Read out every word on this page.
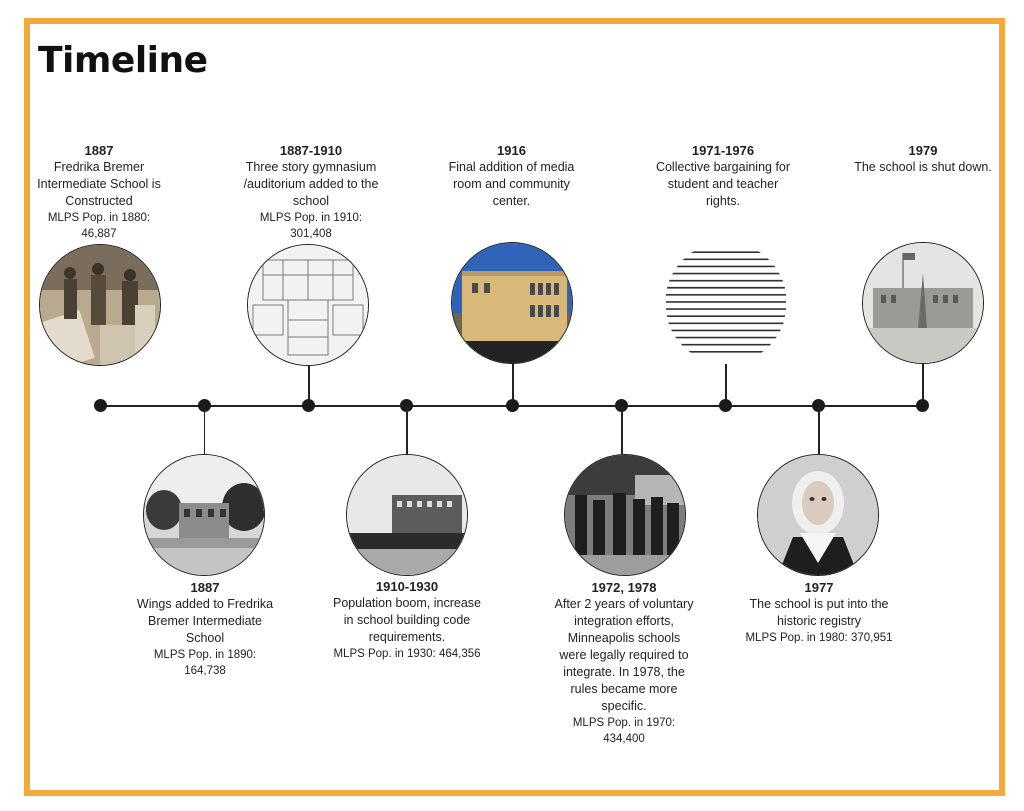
Timeline
1887
Fredrika Bremer Intermediate School is Constructed
MLPS Pop. in 1880: 46,887
1887
Wings added to Fredrika Bremer Intermediate School
MLPS Pop. in 1890: 164,738
1887-1910
Three story gymnasium /auditorium added to the school
MLPS Pop. in 1910: 301,408
1910-1930
Population boom, increase in school building code requirements.
MLPS Pop. in 1930: 464,356
1916
Final addition of media room and community center.
1972, 1978
After 2 years of voluntary integration efforts, Minneapolis schools were legally required to integrate. In 1978, the rules became more specific.
MLPS Pop. in 1970: 434,400
1971-1976
Collective bargaining for student and teacher rights.
1977
The school is put into the historic registry
MLPS Pop. in 1980: 370,951
1979
The school is shut down.
